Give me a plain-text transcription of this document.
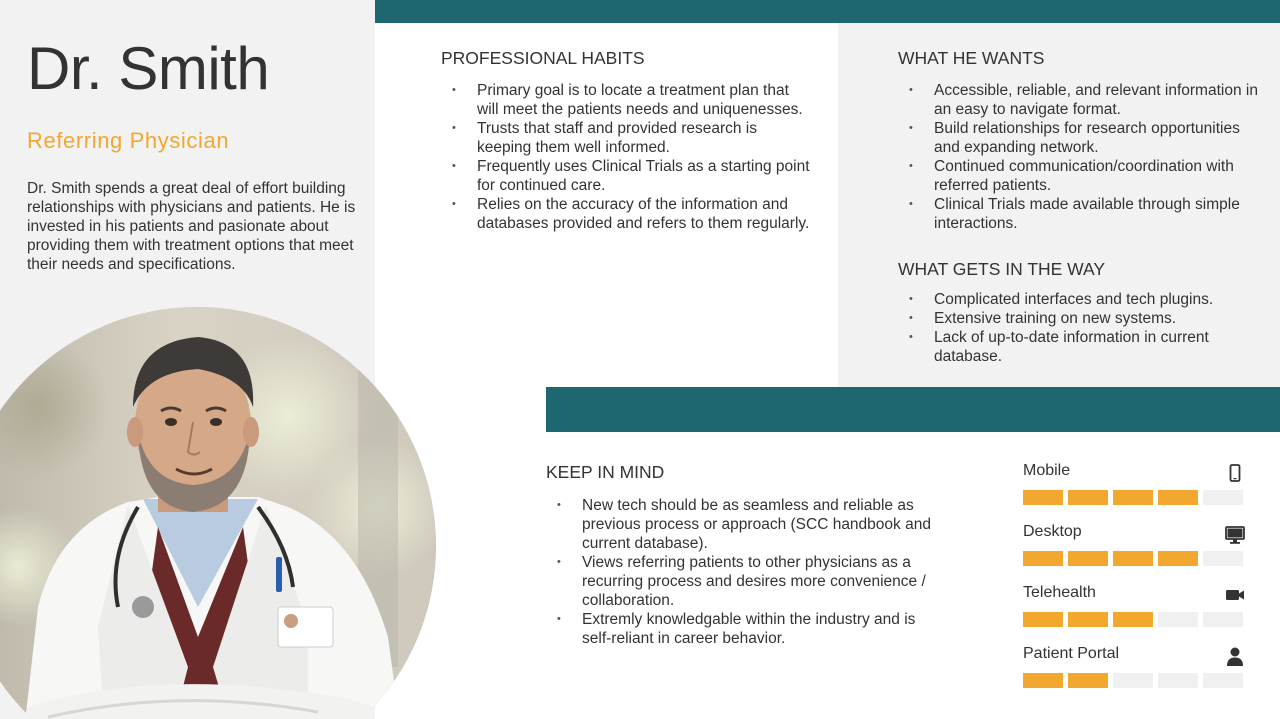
Dr. Smith
Referring Physician
Dr. Smith spends a great deal of effort building relationships with physicians and patients. He is invested in his patients and pasionate about providing them with treatment options that meet their needs and specifications.
PROFESSIONAL HABITS
• Primary goal is to locate a treatment plan that will meet the patients needs and uniquenesses.
• Trusts that staff and provided research is keeping them well informed.
• Frequently uses Clinical Trials as a starting point for continued care.
• Relies on the accuracy of the information and databases provided and refers to them regularly.
WHAT HE WANTS
• Accessible, reliable, and relevant information in an easy to navigate format.
• Build relationships for research opportunities and expanding network.
• Continued communication/coordination with referred patients.
• Clinical Trials made available through simple interactions.
WHAT GETS IN THE WAY
• Complicated interfaces and tech plugins.
• Extensive training on new systems.
• Lack of up-to-date information in current database.
KEEP IN MIND
• New tech should be as seamless and reliable as previous process or approach (SCC handbook and current database).
• Views referring patients to other physicians as a recurring process and desires more convenience / collaboration.
• Extremly knowledgable within the industry and is self-reliant in career behavior.
Mobile
Desktop
Telehealth
Patient Portal
